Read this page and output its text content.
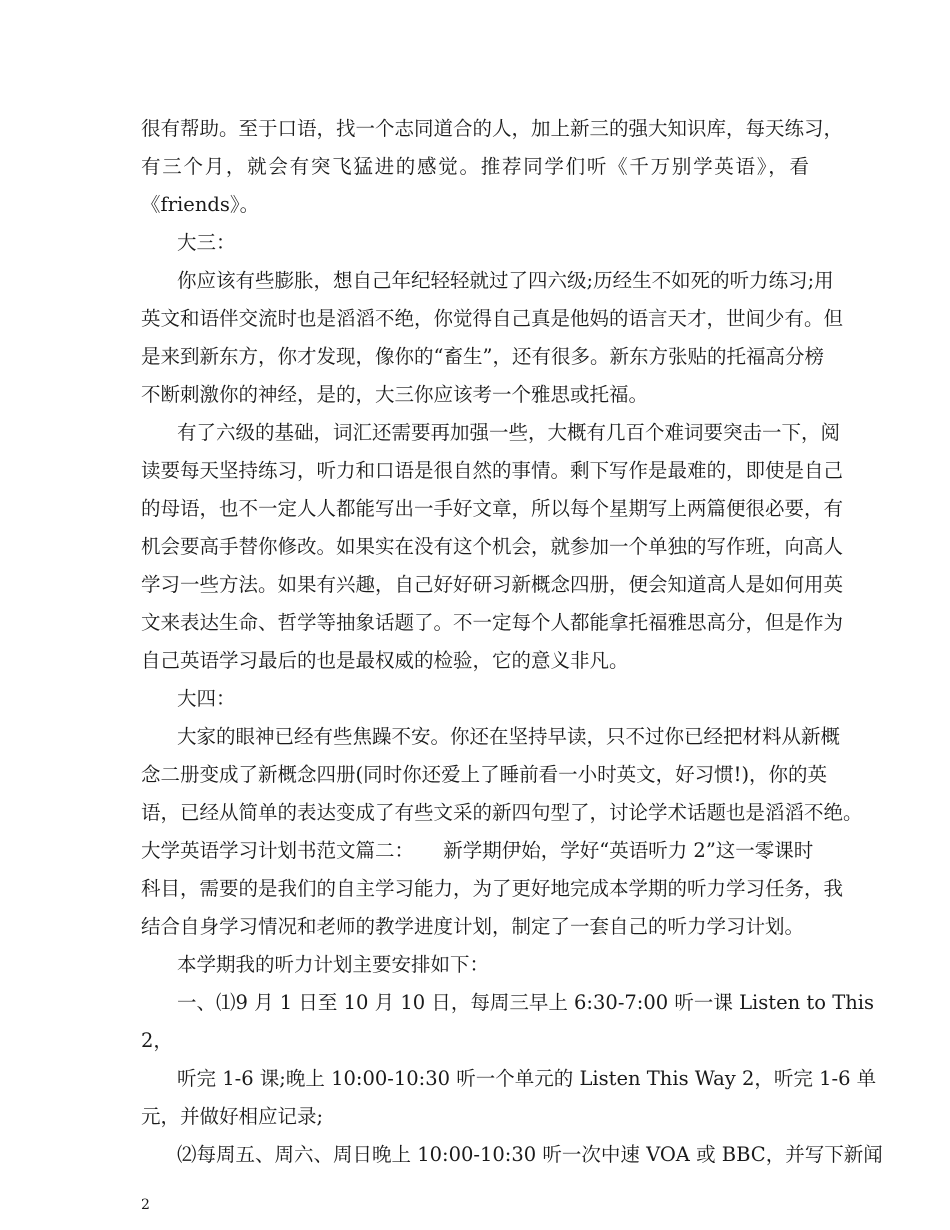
很有帮助。至于口语，找一个志同道合的人，加上新三的强大知识库，每天练习，
有三个月，就会有突飞猛进的感觉。推荐同学们听《千万别学英语》，看
《friends》。
大三：
你应该有些膨胀，想自己年纪轻轻就过了四六级;历经生不如死的听力练习;用
英文和语伴交流时也是滔滔不绝，你觉得自己真是他妈的语言天才，世间少有。但
是来到新东方，你才发现，像你的“畜生”，还有很多。新东方张贴的托福高分榜
不断刺激你的神经，是的，大三你应该考一个雅思或托福。
有了六级的基础，词汇还需要再加强一些，大概有几百个难词要突击一下，阅
读要每天坚持练习，听力和口语是很自然的事情。剩下写作是最难的，即使是自己
的母语，也不一定人人都能写出一手好文章，所以每个星期写上两篇便很必要，有
机会要高手替你修改。如果实在没有这个机会，就参加一个单独的写作班，向高人
学习一些方法。如果有兴趣，自己好好研习新概念四册，便会知道高人是如何用英
文来表达生命、哲学等抽象话题了。不一定每个人都能拿托福雅思高分，但是作为
自己英语学习最后的也是最权威的检验，它的意义非凡。
大四：
大家的眼神已经有些焦躁不安。你还在坚持早读，只不过你已经把材料从新概
念二册变成了新概念四册(同时你还爱上了睡前看一小时英文，好习惯!)，你的英
语，已经从简单的表达变成了有些文采的新四句型了，讨论学术话题也是滔滔不绝。
大学英语学习计划书范文篇二：　　新学期伊始，学好“英语听力 2”这一零课时
科目，需要的是我们的自主学习能力，为了更好地完成本学期的听力学习任务，我
结合自身学习情况和老师的教学进度计划，制定了一套自己的听力学习计划。
本学期我的听力计划主要安排如下：
一、⑴9 月 1 日至 10 月 10 日，每周三早上 6:30-7:00 听一课 Listen to This
2，
听完 1-6 课;晚上 10:00-10:30 听一个单元的 Listen This Way 2，听完 1-6 单
元，并做好相应记录;
⑵每周五、周六、周日晚上 10:00-10:30 听一次中速 VOA 或 BBC，并写下新闻
2
